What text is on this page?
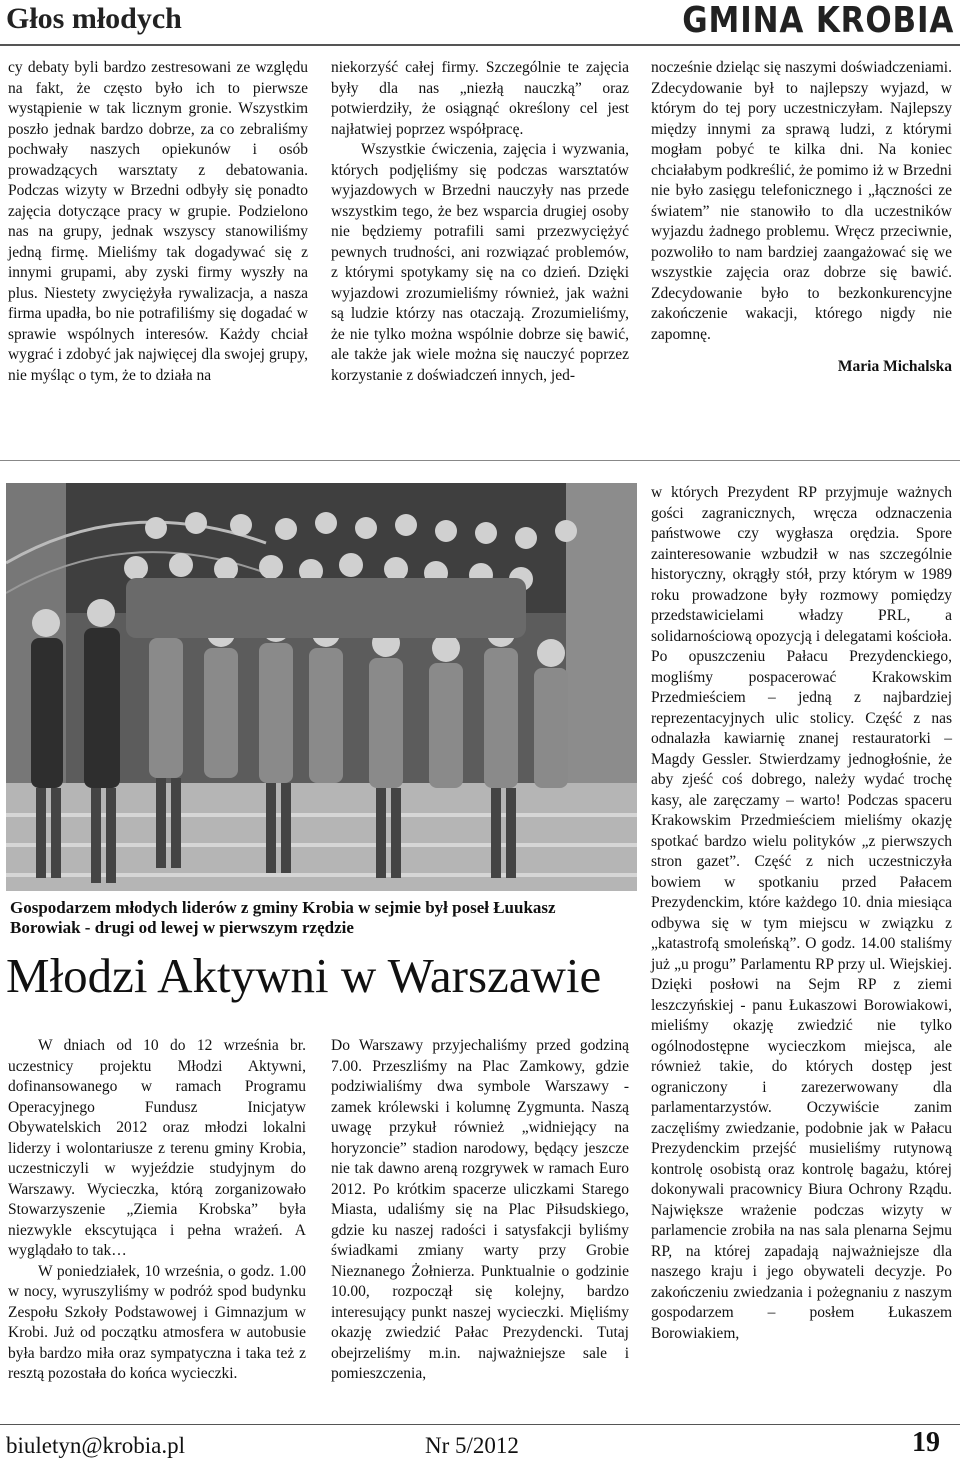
Głos młodych	GMINA KROBIA

cy debaty byli bardzo zestresowani ze względu na fakt, że często było ich to pierwsze wystąpienie w tak licznym gronie. Wszystkim poszło jednak bardzo dobrze, za co zebraliśmy pochwały naszych opiekunów i osób prowadzących warsztaty z debatowania. Podczas wizyty w Brzedni odbyły się ponadto zajęcia dotyczące pracy w grupie. Podzielono nas na grupy, jednak wszyscy stanowiliśmy jedną firmę. Mieliśmy tak dogadywać się z innymi grupami, aby zyski firmy wyszły na plus. Niestety zwyciężyła rywalizacja, a nasza firma upadła, bo nie potrafiliśmy się dogadać w sprawie wspólnych interesów. Każdy chciał wygrać i zdobyć jak najwięcej dla swojej grupy, nie myśląc o tym, że to działa na

niekorzyść całej firmy. Szczególnie te zajęcia były dla nas „niezłą nauczką” oraz potwierdziły, że osiągnąć określony cel jest najłatwiej poprzez współpracę.

Wszystkie ćwiczenia, zajęcia i wyzwania, których podjęliśmy się podczas warsztatów wyjazdowych w Brzedni nauczyły nas przede wszystkim tego, że bez wsparcia drugiej osoby nie będziemy potrafili sami przezwyciężyć pewnych trudności, ani rozwiązać problemów, z którymi spotykamy się na co dzień. Dzięki wyjazdowi zrozumieliśmy również, jak ważni są ludzie którzy nas otaczają. Zrozumieliśmy, że nie tylko można wspólnie dobrze się bawić, ale także jak wiele można się nauczyć poprzez korzystanie z doświadczeń innych, jed-

nocześnie dzieląc się naszymi doświadczeniami. Zdecydowanie był to najlepszy wyjazd, w którym do tej pory uczestniczyłam. Najlepszy między innymi za sprawą ludzi, z którymi mogłam pobyć te kilka dni. Na koniec chciałabym podkreślić, że pomimo iż w Brzedni nie było zasięgu telefonicznego i „łączności ze światem” nie stanowiło to dla uczestników wyjazdu żadnego problemu. Wręcz przeciwnie, pozwoliło to nam bardziej zaangażować się we wszystkie zajęcia oraz dobrze się bawić. Zdecydowanie było to bezkonkurencyjne zakończenie wakacji, którego nigdy nie zapomnę.

Maria Michalska

Gospodarzem młodych liderów z gminy Krobia w sejmie był poseł Łuukasz Borowiak - drugi od lewej w pierwszym rzędzie
Młodzi Aktywni w Warszawie

W dniach od 10 do 12 września br. uczestnicy projektu Młodzi Aktywni, dofinansowanego w ramach Programu Operacyjnego Fundusz Inicjatyw Obywatelskich 2012 oraz młodzi lokalni liderzy i wolontariusze z terenu gminy Krobia, uczestniczyli w wyjeździe studyjnym do Warszawy. Wycieczka, którą zorganizowało Stowarzyszenie „Ziemia Krobska” była niezwykle ekscytująca i pełna wrażeń. A wyglądało to tak…

W poniedziałek, 10 września, o godz. 1.00 w nocy, wyruszyliśmy w podróż spod budynku Zespołu Szkoły Podstawowej i Gimnazjum w Krobi. Już od początku atmosfera w autobusie była bardzo miła oraz sympatyczna i taka też z resztą pozostała do końca wycieczki.

Do Warszawy przyjechaliśmy przed godziną 7.00. Przeszliśmy na Plac Zamkowy, gdzie podziwialiśmy dwa symbole Warszawy - zamek królewski i kolumnę Zygmunta. Naszą uwagę przykuł również „widniejący na horyzoncie” stadion narodowy, będący jeszcze nie tak dawno areną rozgrywek w ramach Euro 2012. Po krótkim spacerze uliczkami Starego Miasta, udaliśmy się na Plac Piłsudskiego, gdzie ku naszej radości i satysfakcji byliśmy świadkami zmiany warty przy Grobie Nieznanego Żołnierza. Punktualnie o godzinie 10.00, rozpoczął się kolejny, bardzo interesujący punkt naszej wycieczki. Mięliśmy okazję zwiedzić Pałac Prezydencki. Tutaj obejrzeliśmy m.in. najważniejsze sale i pomieszczenia,

w których Prezydent RP przyjmuje ważnych gości zagranicznych, wręcza odznaczenia państwowe czy wygłasza orędzia. Spore zainteresowanie wzbudził w nas szczególnie historyczny, okrągły stół, przy którym w 1989 roku prowadzone były rozmowy pomiędzy przedstawicielami władzy PRL, a solidarnościową opozycją i delegatami kościoła. Po opuszczeniu Pałacu Prezydenckiego, mogliśmy pospacerować Krakowskim Przedmieściem – jedną z najbardziej reprezentacyjnych ulic stolicy. Część z nas odnalazła kawiarnię znanej restauratorki – Magdy Gessler. Stwierdzamy jednogłośnie, że aby zjeść coś dobrego, należy wydać trochę kasy, ale zaręczamy – warto! Podczas spaceru Krakowskim Przedmieściem mieliśmy okazję spotkać bardzo wielu polityków „z pierwszych stron gazet”. Część z nich uczestniczyła bowiem w spotkaniu przed Pałacem Prezydenckim, które każdego 10. dnia miesiąca odbywa się w tym miejscu w związku z „katastrofą smoleńską”. O godz. 14.00 staliśmy już „u progu” Parlamentu RP przy ul. Wiejskiej. Dzięki posłowi na Sejm RP z ziemi leszczyńskiej - panu Łukaszowi Borowiakowi, mieliśmy okazję zwiedzić nie tylko ogólnodostępne wycieczkom miejsca, ale również takie, do których dostęp jest ograniczony i zarezerwowany dla parlamentarzystów. Oczywiście zanim zaczęliśmy zwiedzanie, podobnie jak w Pałacu Prezydenckim przejść musieliśmy rutynową kontrolę osobistą oraz kontrolę bagażu, której dokonywali pracownicy Biura Ochrony Rządu. Największe wrażenie podczas wizyty w parlamencie zrobiła na nas sala plenarna Sejmu RP, na której zapadają najważniejsze dla naszego kraju i jego obywateli decyzje. Po zakończeniu zwiedzania i pożegnaniu z naszym gospodarzem – posłem Łukaszem Borowiakiem,

biuletyn@krobia.pl	Nr 5/2012	19
